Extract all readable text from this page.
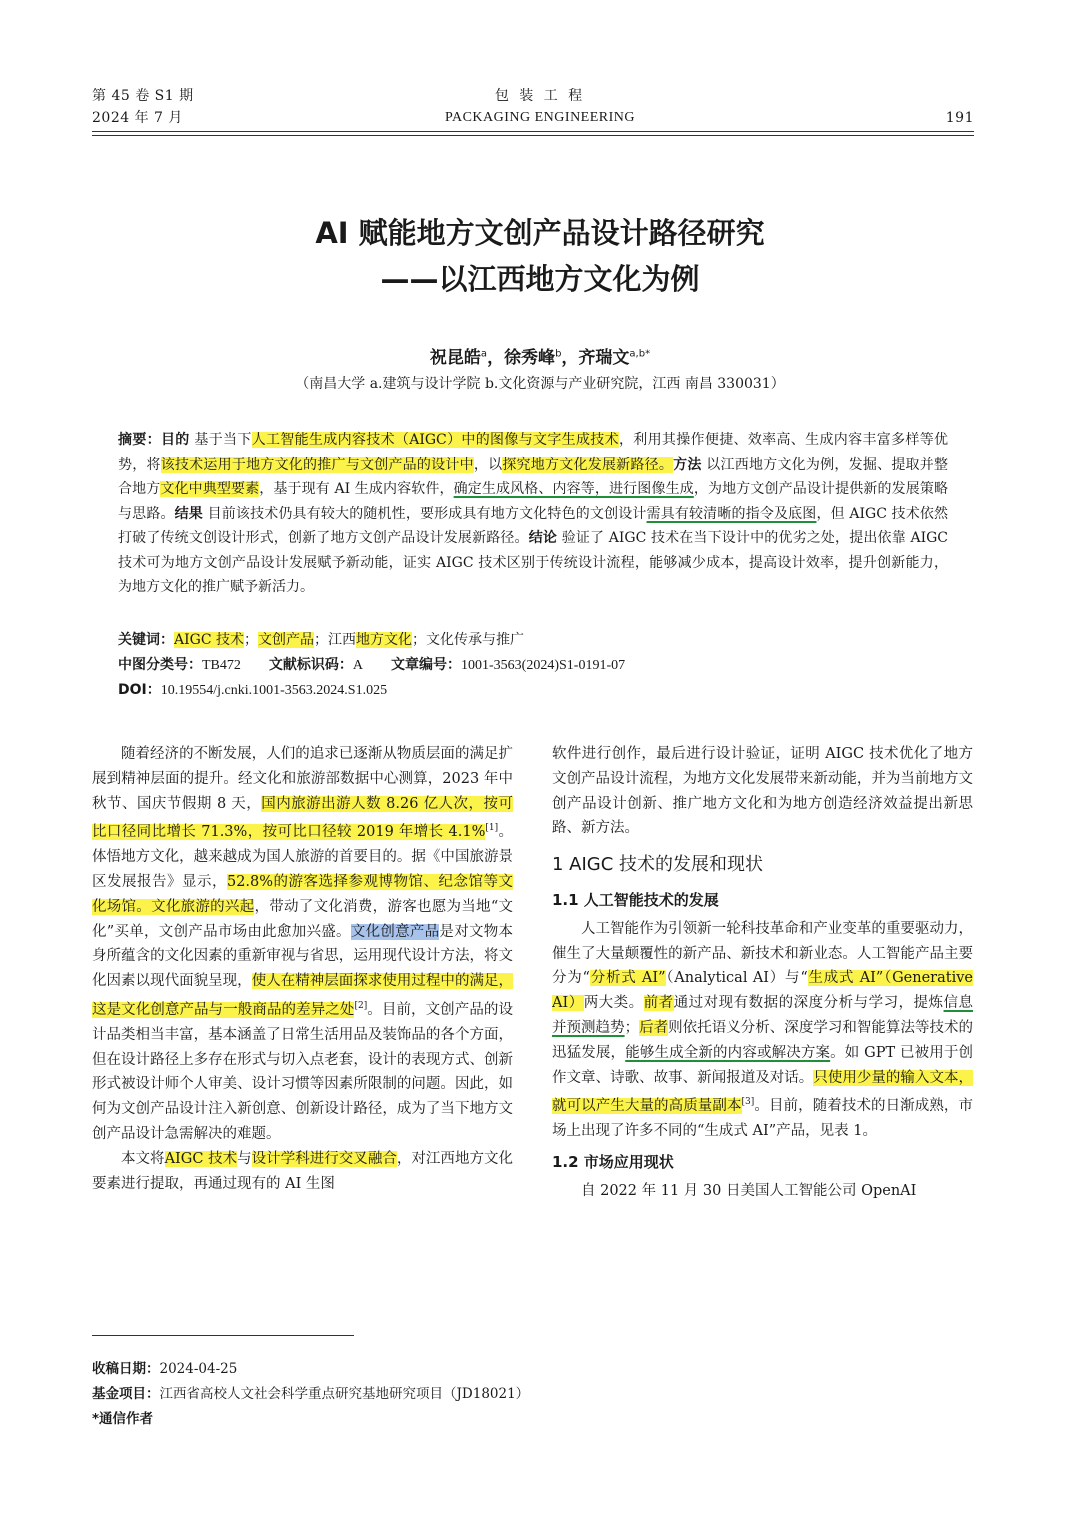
第 45 卷 S1 期
2024 年 7 月
包 装 工 程
PACKAGING ENGINEERING	191
AI 赋能地方文创产品设计路径研究
——以江西地方文化为例
祝昆皓$^a$，徐秀峰$^b$，齐瑞文$^{a,b*}$
（南昌大学 a.建筑与设计学院 b.文化资源与产业研究院，江西 南昌 330031）
摘要：目的 基于当下人工智能生成内容技术（AIGC）中的图像与文字生成技术，利用其操作便捷、效率高、生成内容丰富多样等优势，将该技术运用于地方文化的推广与文创产品的设计中，以探究地方文化发展新路径。方法 以江西地方文化为例，发掘、提取并整合地方文化中典型要素，基于现有 AI 生成内容软件，确定生成风格、内容等，进行图像生成，为地方文创产品设计提供新的发展策略与思路。结果 目前该技术仍具有较大的随机性，要形成具有地方文化特色的文创设计需具有较清晰的指令及底图，但 AIGC 技术依然打破了传统文创设计形式，创新了地方文创产品设计发展新路径。结论 验证了 AIGC 技术在当下设计中的优劣之处，提出依靠 AIGC 技术可为地方文创产品设计发展赋予新动能，证实 AIGC 技术区别于传统设计流程，能够减少成本，提高设计效率，提升创新能力，为地方文化的推广赋予新活力。
关键词：AIGC 技术；文创产品；江西地方文化；文化传承与推广
中图分类号：TB472 文献标识码：A 文章编号：1001-3563(2024)S1-0191-07
DOI：10.19554/j.cnki.1001-3563.2024.S1.025

随着经济的不断发展，人们的追求已逐渐从物质层面的满足扩展到精神层面的提升。经文化和旅游部数据中心测算，2023 年中秋节、国庆节假期 8 天，国内旅游出游人数 8.26 亿人次，按可比口径同比增长 71.3%，按可比口径较 2019 年增长 4.1%[1]。体悟地方文化，越来越成为国人旅游的首要目的。据《中国旅游景区发展报告》显示，52.8%的游客选择参观博物馆、纪念馆等文化场馆。文化旅游的兴起，带动了文化消费，游客也愿为当地“文化”买单，文创产品市场由此愈加兴盛。文化创意产品是对文物本身所蕴含的文化因素的重新审视与省思，运用现代设计方法，将文化因素以现代面貌呈现，使人在精神层面探求使用过程中的满足，这是文化创意产品与一般商品的差异之处[2]。目前，文创产品的设计品类相当丰富，基本涵盖了日常生活用品及装饰品的各个方面，但在设计路径上多存在形式与切入点老套，设计的表现方式、创新形式被设计师个人审美、设计习惯等因素所限制的问题。因此，如何为文创产品设计注入新创意、创新设计路径，成为了当下地方文创产品设计急需解决的难题。

本文将AIGC 技术与设计学科进行交叉融合，对江西地方文化要素进行提取，再通过现有的 AI 生图

软件进行创作，最后进行设计验证，证明 AIGC 技术优化了地方文创产品设计流程，为地方文化发展带来新动能，并为当前地方文创产品设计创新、推广地方文化和为地方创造经济效益提出新思路、新方法。

1 AIGC 技术的发展和现状

1.1 人工智能技术的发展

人工智能作为引领新一轮科技革命和产业变革的重要驱动力，催生了大量颠覆性的新产品、新技术和新业态。人工智能产品主要分为“分析式 AI”（Analytical AI）与“生成式 AI”（Generative AI）两大类。前者通过对现有数据的深度分析与学习，提炼信息并预测趋势；后者则依托语义分析、深度学习和智能算法等技术的迅猛发展，能够生成全新的内容或解决方案。如 GPT 已被用于创作文章、诗歌、故事、新闻报道及对话。只使用少量的输入文本，就可以产生大量的高质量副本[3]。目前，随着技术的日渐成熟，市场上出现了许多不同的“生成式 AI”产品，见表 1。

1.2 市场应用现状

自 2022 年 11 月 30 日美国人工智能公司 OpenAI

收稿日期：2024-04-25
基金项目：江西省高校人文社会科学重点研究基地研究项目（JD18021）
*通信作者
